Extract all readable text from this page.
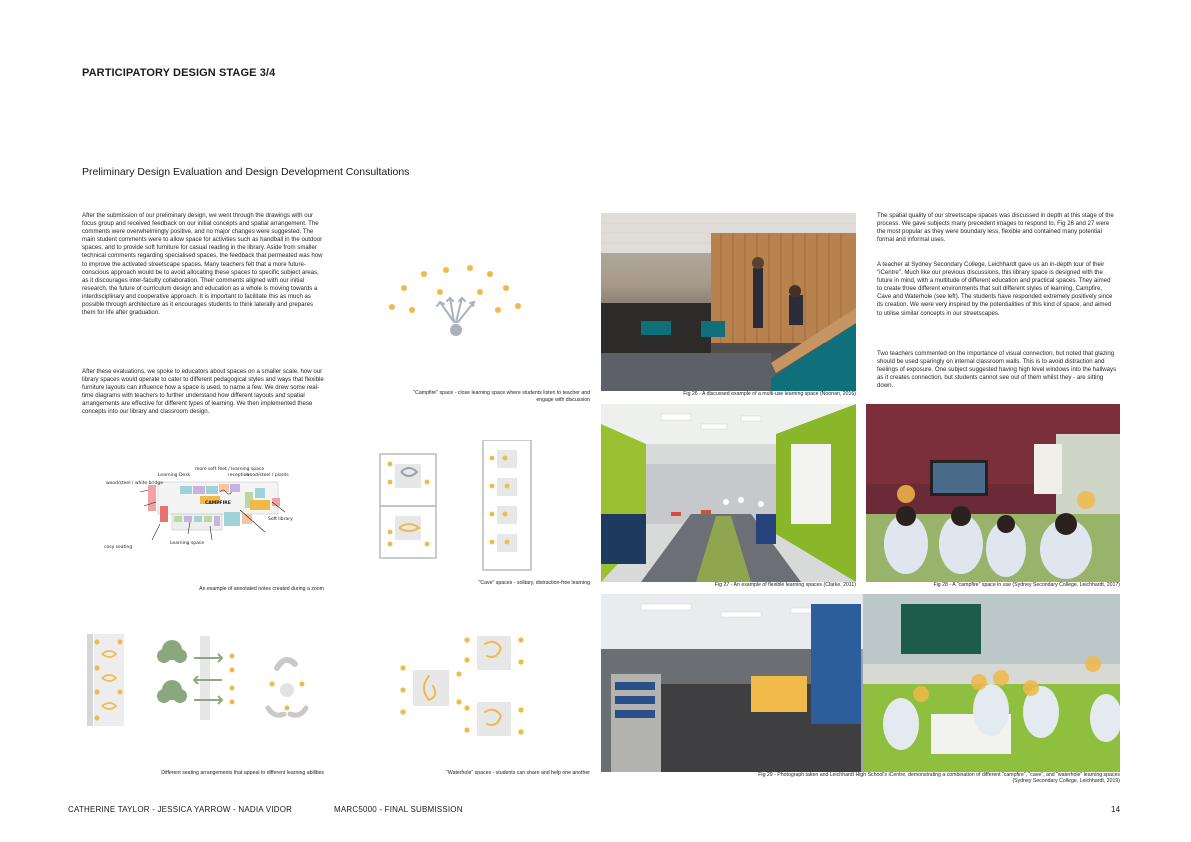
PARTICIPATORY DESIGN STAGE 3/4
Preliminary Design Evaluation and Design Development Consultations
After the submission of our preliminary design, we went through the drawings with our focus group and received feedback on our initial concepts and spatial arrangement. The comments were overwhelmingly positive, and no major changes were suggested. The main student comments were to allow space for activities such as handball in the outdoor spaces, and to provide soft furniture for casual reading in the library. Aside from smaller technical comments regarding specialised spaces, the feedback that permeated was how to improve the activated streetscape spaces. Many teachers felt that a more future-conscious approach would be to avoid allocating these spaces to specific subject areas, as it discourages inter-faculty collaboration. Their comments aligned with our initial research, the future of curriculum design and education as a whole is moving towards a interdisciplinary and cooperative approach. It is important to facilitate this as much as possible through architecture as it encourages students to think laterally and prepares them for life after graduation.
After these evaluations, we spoke to educators about spaces on a smaller scale, how our library spaces would operate to cater to different pedagogical styles and ways that flexible furniture layouts can influence how a space is used, to name a few. We drew some real-time diagrams with teachers to further understand how different layouts and spatial arrangements are effective for different types of learning. We then implemented these concepts into our library and classroom design.
The spatial quality of our streetscape spaces was discussed in depth at this stage of the process. We gave subjects many precedent images to respond to, Fig 26 and 27 were the most popular as they were boundary less, flexible and contained many potential formal and informal uses.
A teacher at Sydney Secondary College, Leichhardt gave us an in-depth tour of their "iCentre". Much like our previous discussions, this library space is designed with the future in mind, with a multitude of different education and practical spaces. They aimed to create three different environments that suit different styles of learning, Campfire, Cave and Waterhole (see left). The students have responded extremely positively since its creation. We were very inspired by the potentialities of this kind of space, and aimed to utilise similar concepts in our streetscapes.
Two teachers commented on the importance of visual connection, but noted that glazing should be used sparingly on internal classroom walls. This is to avoid distraction and feelings of exposure. One subject suggested having high level windows into the hallways as it creates connection, but students cannot see out of them whilst they - are sitting down.
wood/steel / white bridge
Learning Desk
more soft feet / learning space
reception
CAMPFIRE
wood/steel / plants
Soft library
Learning space
cosy seating
An example of annotated notes created during a zoom
"Campfire" space - close learning space where students listen to teacher and engage with discussion
"Cave" spaces - solitary, distraction-free learning
Different seating arrangements that appeal to different learning abilities	"Waterhole" spaces - students can share and help one another
Fig 26 - A discussed example of a multi-use learning space (Noonan, 2016)
Fig 27 - An example of flexible learning spaces (Clarke, 2011)	Fig 28 - A "campfire" space in use (Sydney Secondary College, Leichhardt, 2017)
Fig 29 - Photograph taken and Leichhardt High School's iCentre, demonstrating a combination of different "campfire", "cave", and "waterhole" learning spaces
(Sydney Secondary College, Leichhardt, 2019)
CATHERINE TAYLOR - JESSICA YARROW - NADIA VIDOR	MARC5000 - FINAL SUBMISSION	14
